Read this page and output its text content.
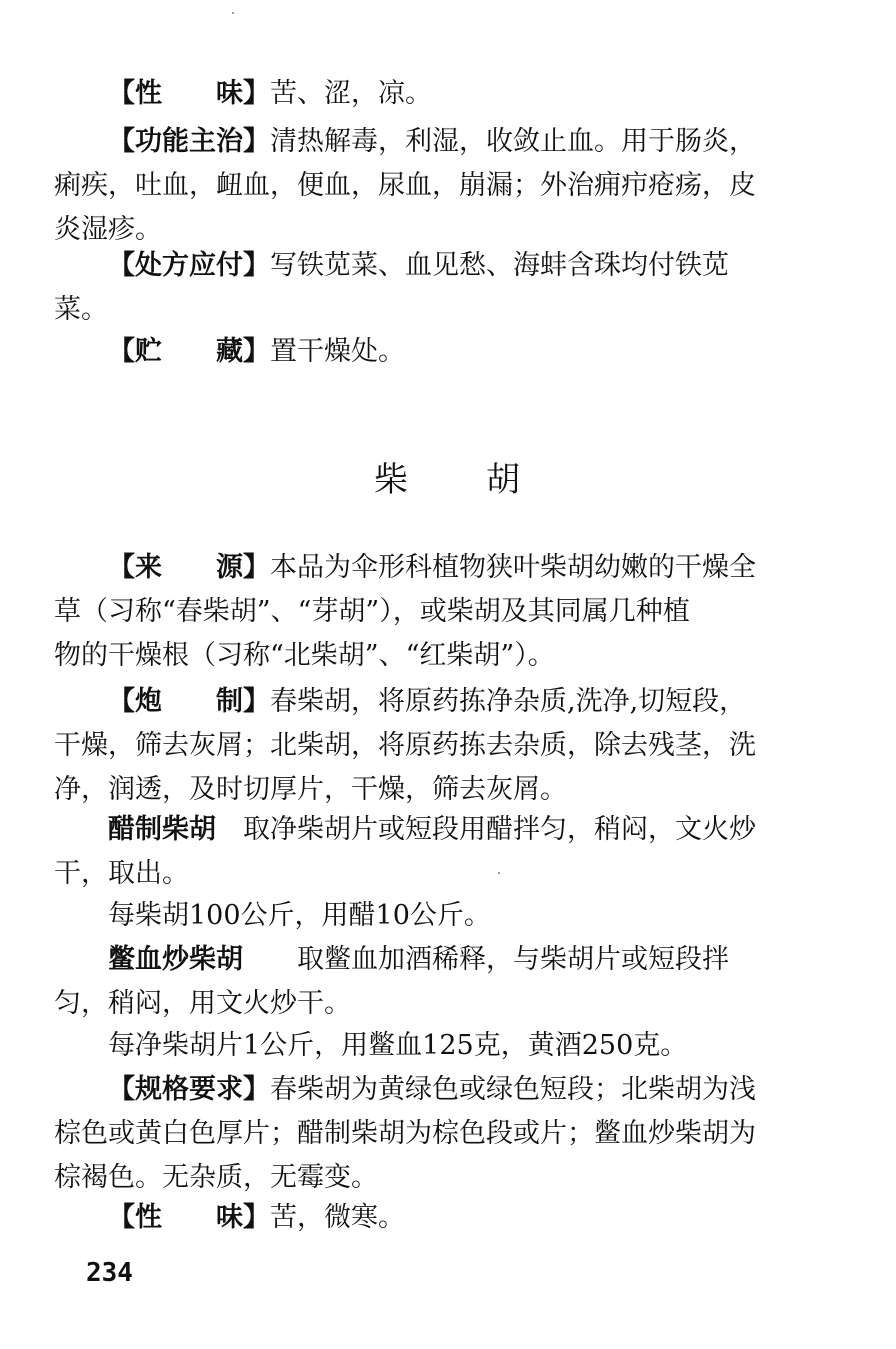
柴 胡
【性　　味】苦、涩，凉。
【功能主治】清热解毒，利湿，收敛止血。用于肠炎，
痢疾，吐血，衄血，便血，尿血，崩漏；外治痈疖疮疡，皮
炎湿疹。
【处方应付】写铁苋菜、血见愁、海蚌含珠均付铁苋
菜。
【贮　　藏】置干燥处。
【来　　源】本品为伞形科植物狭叶柴胡幼嫩的干燥全
草（习称“春柴胡”、“芽胡”），或柴胡及其同属几种植
物的干燥根（习称“北柴胡”、“红柴胡”）。
【炮　　制】春柴胡，将原药拣净杂质,洗净,切短段，
干燥，筛去灰屑；北柴胡，将原药拣去杂质，除去残茎，洗
净，润透，及时切厚片，干燥，筛去灰屑。
醋制柴胡　取净柴胡片或短段用醋拌匀，稍闷，文火炒
干，取出。
每柴胡100公斤，用醋10公斤。
鳖血炒柴胡　　取鳖血加酒稀释，与柴胡片或短段拌
匀，稍闷，用文火炒干。
每净柴胡片1公斤，用鳖血125克，黄酒250克。
【规格要求】春柴胡为黄绿色或绿色短段；北柴胡为浅
棕色或黄白色厚片；醋制柴胡为棕色段或片；鳖血炒柴胡为
棕褐色。无杂质，无霉变。
【性　　味】苦，微寒。
234
